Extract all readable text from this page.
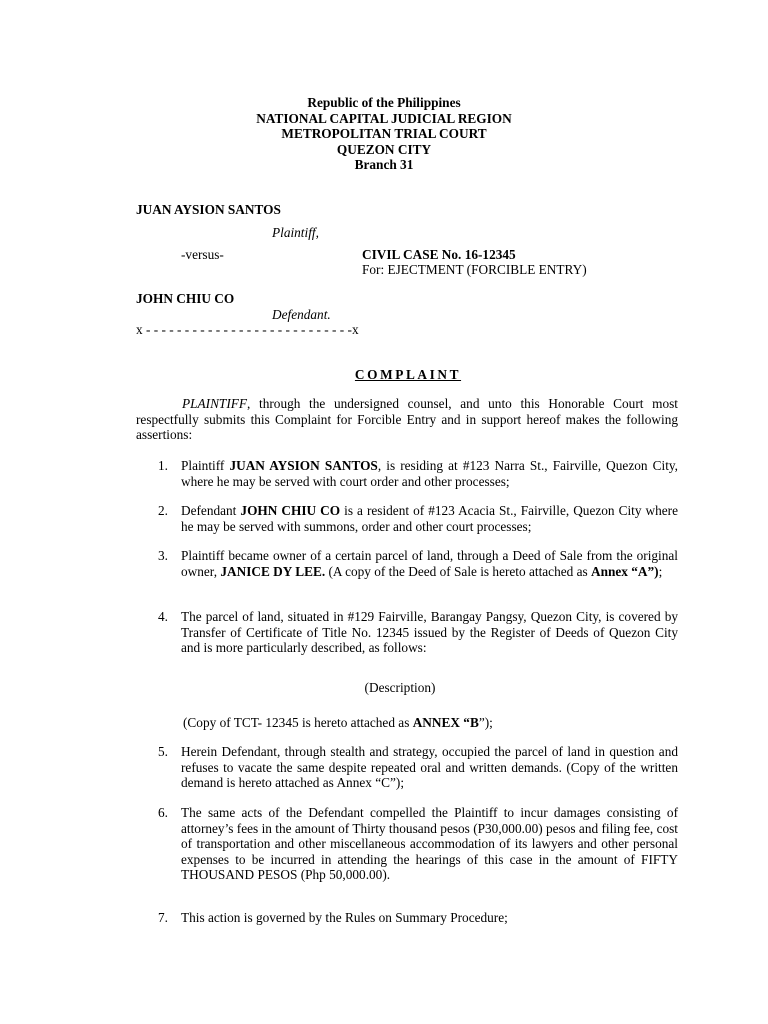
Republic of the Philippines
NATIONAL CAPITAL JUDICIAL REGION
METROPOLITAN TRIAL COURT
QUEZON CITY
Branch 31
JUAN AYSION SANTOS
Plaintiff,
-versus-	CIVIL CASE No. 16-12345
For: EJECTMENT (FORCIBLE ENTRY)
JOHN CHIU CO
Defendant.
x - - - - - - - - - - - - - - - - - - - - - - - - - - -x
COMPLAINT

PLAINTIFF, through the undersigned counsel, and unto this Honorable Court most respectfully submits this Complaint for Forcible Entry and in support hereof makes the following assertions:

1. Plaintiff JUAN AYSION SANTOS, is residing at #123 Narra St., Fairville, Quezon City, where he may be served with court order and other processes;
2. Defendant JOHN CHIU CO is a resident of #123 Acacia St., Fairville, Quezon City where he may be served with summons, order and other court processes;
3. Plaintiff became owner of a certain parcel of land, through a Deed of Sale from the original owner, JANICE DY LEE. (A copy of the Deed of Sale is hereto attached as Annex “A”);
4. The parcel of land, situated in #129 Fairville, Barangay Pangsy, Quezon City, is covered by Transfer of Certificate of Title No. 12345 issued by the Register of Deeds of Quezon City and is more particularly described, as follows:
(Description)
(Copy of TCT- 12345 is hereto attached as ANNEX “B”);
5. Herein Defendant, through stealth and strategy, occupied the parcel of land in question and refuses to vacate the same despite repeated oral and written demands. (Copy of the written demand is hereto attached as Annex “C”);
6. The same acts of the Defendant compelled the Plaintiff to incur damages consisting of attorney’s fees in the amount of Thirty thousand pesos (P30,000.00) pesos and filing fee, cost of transportation and other miscellaneous accommodation of its lawyers and other personal expenses to be incurred in attending the hearings of this case in the amount of FIFTY THOUSAND PESOS (Php 50,000.00).
7. This action is governed by the Rules on Summary Procedure;
